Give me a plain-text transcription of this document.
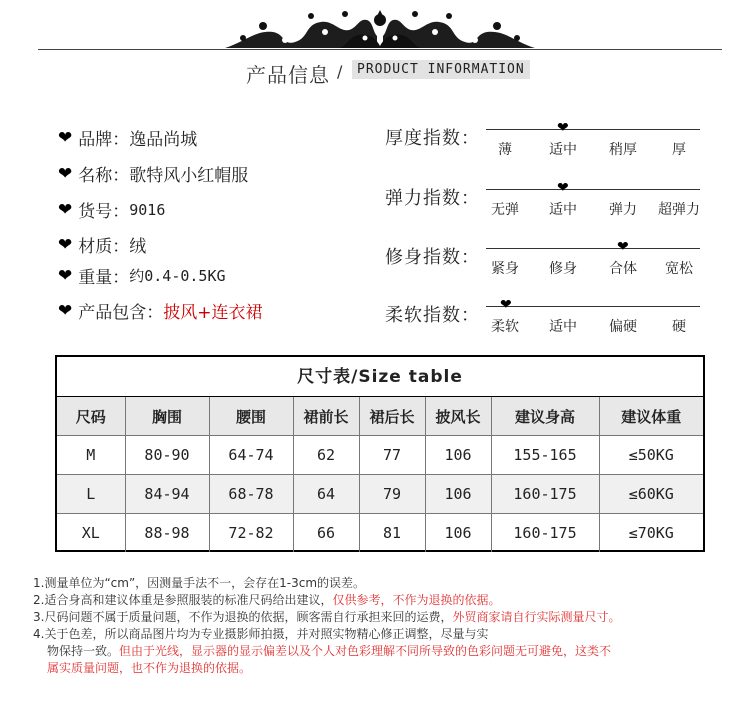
产品信息 /	PRODUCT INFORMATION
❤ 品牌： 逸品尚城
❤ 名称： 歌特风小红帽服
❤ 货号： 9016
❤ 材质： 绒
❤ 重量： 约0.4-0.5KG
❤ 产品包含： 披风+连衣裙
厚度指数：	❤
薄	适中 稍厚	厚
弹力指数：	❤
无弹 适中 弹力 超弹力
修身指数：	❤
紧身 修身 合体 宽松
柔软指数： ❤
柔软 适中 偏硬	硬
尺寸表/Size table
尺码	胸围	腰围	裙前长	裙后长	披风长	建议身高	建议体重
M	80-90	64-74	62	77	106	155-165	≤50KG
L	84-94	68-78	64	79	106	160-175	≤60KG
XL	88-98	72-82	66	81	106	160-175	≤70KG
1.测量单位为“cm”，因测量手法不一，会存在1-3cm的误差。
2.适合身高和建议体重是参照服装的标准尺码给出建议，仅供参考，不作为退换的依据。
3.尺码问题不属于质量问题，不作为退换的依据，顾客需自行承担来回的运费，外贸商家请自行实际测量尺寸。
4.关于色差，所以商品图片均为专业摄影师拍摄，并对照实物精心修正调整，尽量与实
物保持一致。但由于光线，显示器的显示偏差以及个人对色彩理解不同所导致的色彩问题无可避免，这类不
属实质量问题，也不作为退换的依据。
